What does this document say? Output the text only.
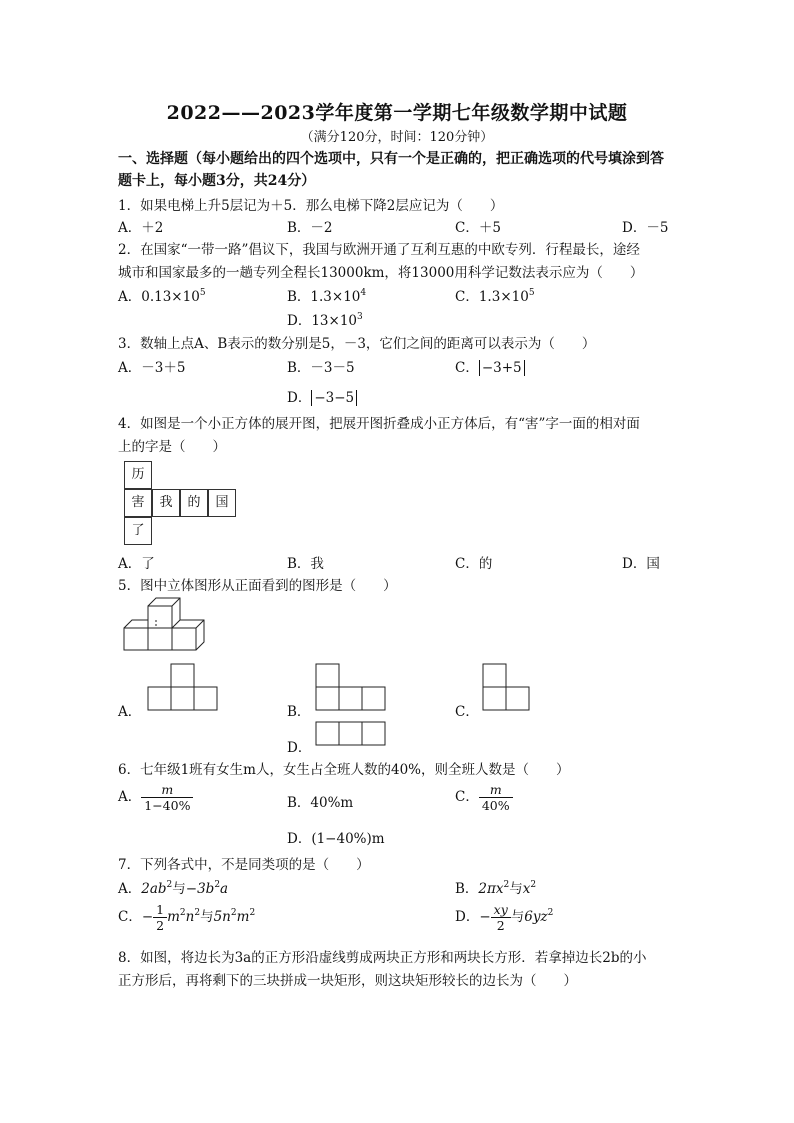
2022——2023学年度第一学期七年级数学期中试题
（满分120分，时间：120分钟）
一、选择题（每小题给出的四个选项中，只有一个是正确的，把正确选项的代号填涂到答
题卡上，每小题3分，共24分）
1．如果电梯上升5层记为＋5．那么电梯下降2层应记为（　　）
A．＋2	B．－2	C．＋5	D．－5
2．在国家“一带一路”倡议下，我国与欧洲开通了互利互惠的中欧专列．行程最长，途经
城市和国家最多的一趟专列全程长13000km，将13000用科学记数法表示应为（　　）
A．$0.13\times 10^5$	B．$1.3\times 10^4$	C．$1.3\times 10^5$
D．$13\times 10^3$
3．数轴上点A、B表示的数分别是5，－3，它们之间的距离可以表示为（　　）
A．－3＋5	B．－3－5	C． −3+5
D． −3−5
4．如图是一个小正方体的展开图，把展开图折叠成小正方体后，有“害”字一面的相对面
上的字是（　　）
历
害	我	的	国
了
A．了	B．我	C．的	D．国
5．图中立体图形从正面看到的图形是（　　）
A．	B．	C．
D．
6．七年级1班有女生m人，女生占全班人数的40%，则全班人数是（　　）
A． $\frac{m}{1-40\%}$	B．40%m	C． $\frac{m}{40\%}$
D．(1−40%)m
7．下列各式中，不是同类项的是（　　）
A．$2ab^2$与$-3b^2a$	B．$2\pi x^2$与$x^2$
C．− $\frac{1}{2} m^2n^2$与$5n^2m^2$	D．− $\frac{xy}{2}$ 与$6yz^2$
8．如图，将边长为3a的正方形沿虚线剪成两块正方形和两块长方形．若拿掉边长2b的小
正方形后，再将剩下的三块拼成一块矩形，则这块矩形较长的边长为（　　）
